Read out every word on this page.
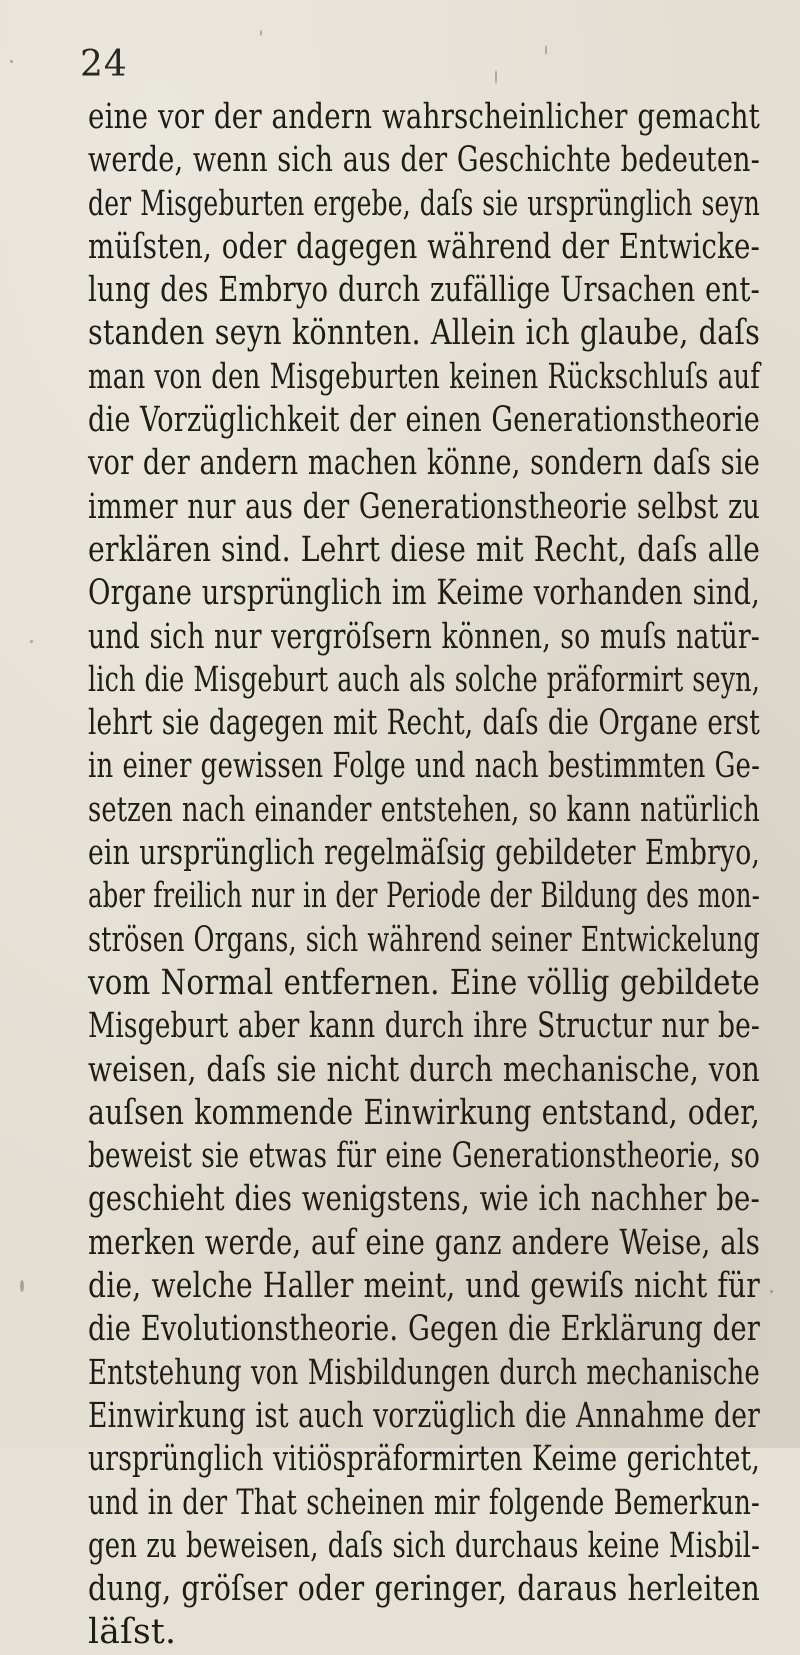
24
eine vor der andern wahrscheinlicher gemacht
werde, wenn sich aus der Geschichte bedeuten-
der Misgeburten ergebe, daſs sie ursprünglich seyn
müſsten, oder dagegen während der Entwicke-
lung des Embryo durch zufällige Ursachen ent-
standen seyn könnten. Allein ich glaube, daſs
man von den Misgeburten keinen Rückschluſs auf
die Vorzüglichkeit der einen Generationstheorie
vor der andern machen könne, sondern daſs sie
immer nur aus der Generationstheorie selbst zu
erklären sind. Lehrt diese mit Recht, daſs alle
Organe ursprünglich im Keime vorhanden sind,
und sich nur vergröſsern können, so muſs natür-
lich die Misgeburt auch als solche präformirt seyn,
lehrt sie dagegen mit Recht, daſs die Organe erst
in einer gewissen Folge und nach bestimmten Ge-
setzen nach einander entstehen, so kann natürlich
ein ursprünglich regelmäſsig gebildeter Embryo,
aber freilich nur in der Periode der Bildung des mon-
strösen Organs, sich während seiner Entwickelung
vom Normal entfernen. Eine völlig gebildete
Misgeburt aber kann durch ihre Structur nur be-
weisen, daſs sie nicht durch mechanische, von
auſsen kommende Einwirkung entstand, oder,
beweist sie etwas für eine Generationstheorie, so
geschieht dies wenigstens, wie ich nachher be-
merken werde, auf eine ganz andere Weise, als
die, welche Haller meint, und gewiſs nicht für
die Evolutionstheorie. Gegen die Erklärung der
Entstehung von Misbildungen durch mechanische
Einwirkung ist auch vorzüglich die Annahme der
ursprünglich vitiöspräformirten Keime gerichtet,
und in der That scheinen mir folgende Bemerkun-
gen zu beweisen, daſs sich durchaus keine Misbil-
dung, gröſser oder geringer, daraus herleiten
läſst.
